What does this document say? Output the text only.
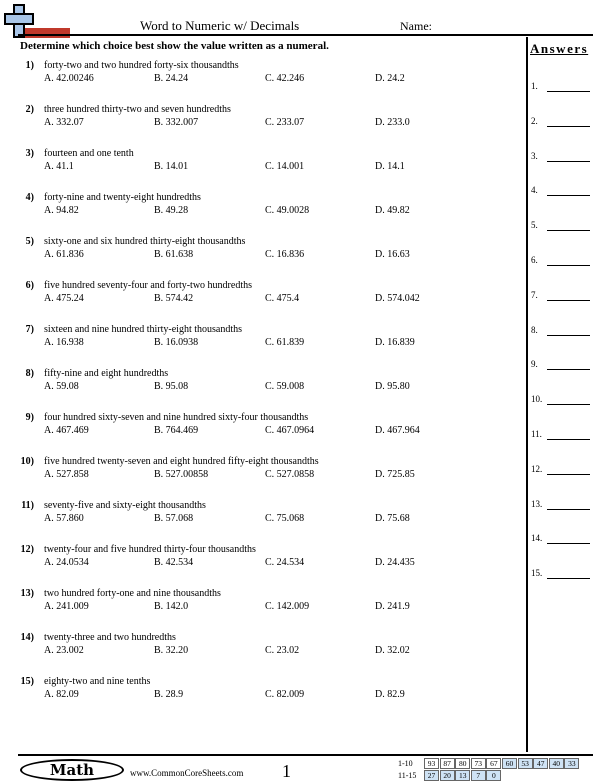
Word to Numeric w/ Decimals	Name:
Determine which choice best show the value written as a numeral.	Answers
1.
2.
3.
4.
5.
6.
7.
8.
9.
10.
11.
12.
13.
14.
15.
1) forty-two and two hundred forty-six thousandths
A. 42.00246	B. 24.24	C. 42.246	D. 24.2
2) three hundred thirty-two and seven hundredths
A. 332.07	B. 332.007	C. 233.07	D. 233.0
3) fourteen and one tenth
A. 41.1	B. 14.01	C. 14.001	D. 14.1
4) forty-nine and twenty-eight hundredths
A. 94.82	B. 49.28	C. 49.0028	D. 49.82
5) sixty-one and six hundred thirty-eight thousandths
A. 61.836	B. 61.638	C. 16.836	D. 16.63
6) five hundred seventy-four and forty-two hundredths
A. 475.24	B. 574.42	C. 475.4	D. 574.042
7) sixteen and nine hundred thirty-eight thousandths
A. 16.938	B. 16.0938	C. 61.839	D. 16.839
8) fifty-nine and eight hundredths
A. 59.08	B. 95.08	C. 59.008	D. 95.80
9) four hundred sixty-seven and nine hundred sixty-four thousandths
A. 467.469	B. 764.469	C. 467.0964	D. 467.964
10) five hundred twenty-seven and eight hundred fifty-eight thousandths
A. 527.858	B. 527.00858	C. 527.0858	D. 725.85
11) seventy-five and sixty-eight thousandths
A. 57.860	B. 57.068	C. 75.068	D. 75.68
12) twenty-four and five hundred thirty-four thousandths
A. 24.0534	B. 42.534	C. 24.534	D. 24.435
13) two hundred forty-one and nine thousandths
A. 241.009	B. 142.0	C. 142.009	D. 241.9
14) twenty-three and two hundredths
A. 23.002	B. 32.20	C. 23.02	D. 32.02
15) eighty-two and nine tenths
A. 82.09	B. 28.9	C. 82.009	D. 82.9
Math	www.CommonCoreSheets.com 1	1-10	93	87	80	73	67	60	53	47	40	33
11-15	27	20	13	7	0
